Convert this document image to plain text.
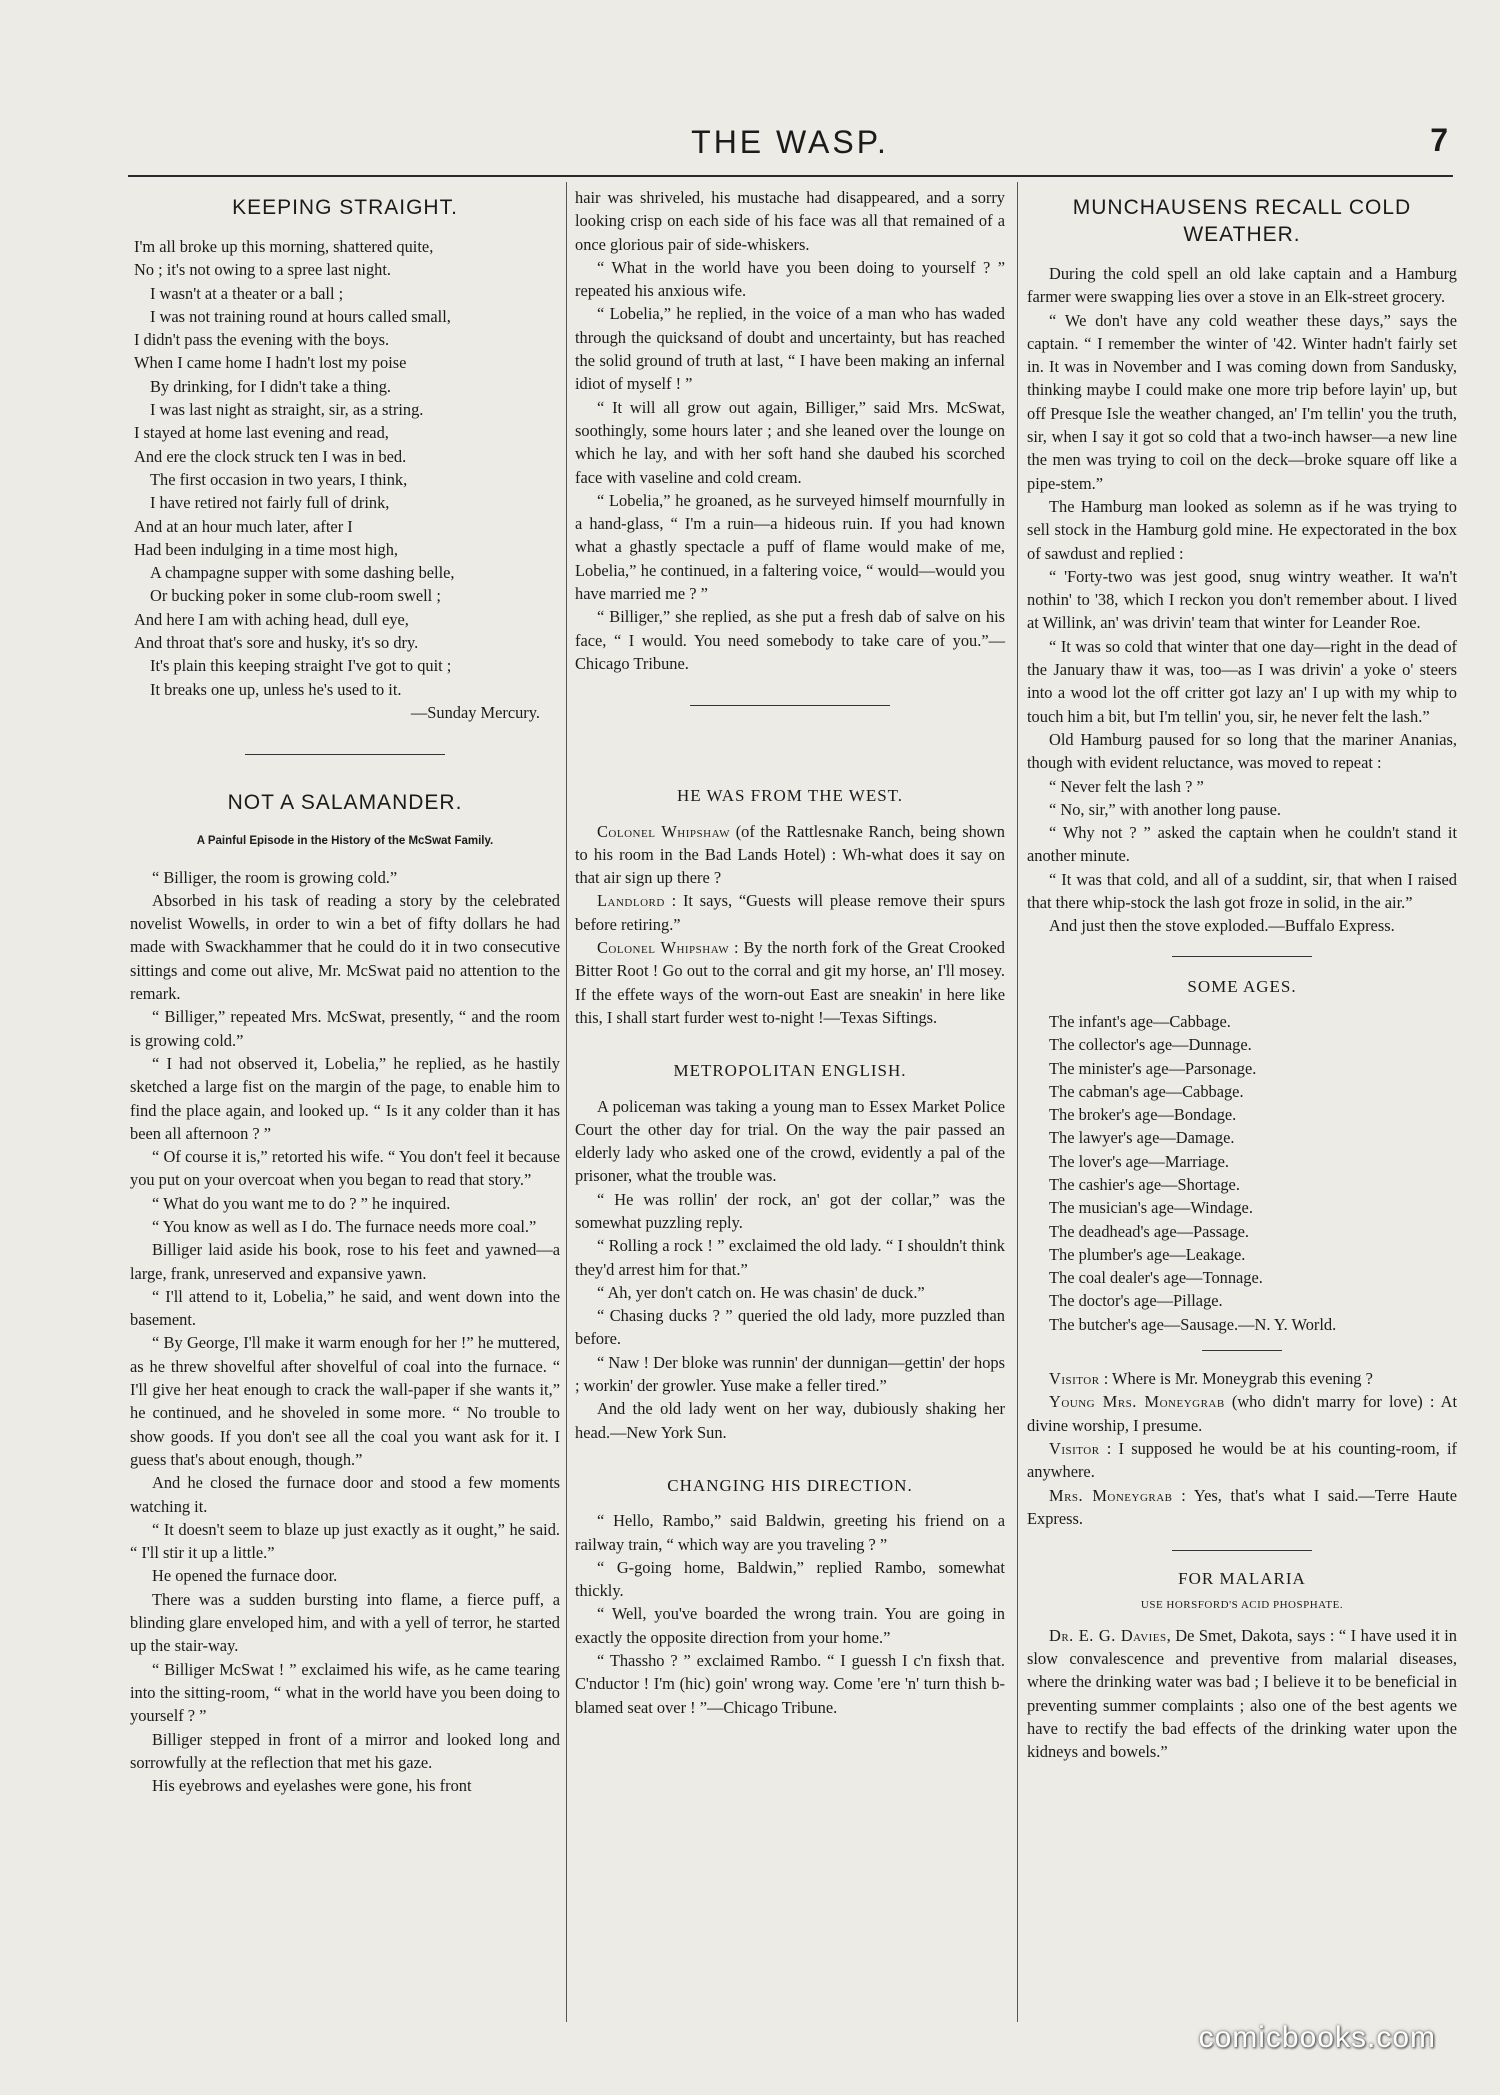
THE WASP.	7
KEEPING STRAIGHT.
I'm all broke up this morning, shattered quite,
No ; it's not owing to a spree last night.
I wasn't at a theater or a ball ;
I was not training round at hours called small,
I didn't pass the evening with the boys.
When I came home I hadn't lost my poise
By drinking, for I didn't take a thing.
I was last night as straight, sir, as a string.
I stayed at home last evening and read,
And ere the clock struck ten I was in bed.
The first occasion in two years, I think,
I have retired not fairly full of drink,
And at an hour much later, after I
Had been indulging in a time most high,
A champagne supper with some dashing belle,
Or bucking poker in some club-room swell ;
And here I am with aching head, dull eye,
And throat that's sore and husky, it's so dry.
It's plain this keeping straight I've got to quit ;
It breaks one up, unless he's used to it.
—Sunday Mercury.
NOT A SALAMANDER.
A Painful Episode in the History of the McSwat Family.

“ Billiger, the room is growing cold.”

Absorbed in his task of reading a story by the celebrated novelist Wowells, in order to win a bet of fifty dollars he had made with Swackhammer that he could do it in two consecutive sittings and come out alive, Mr. McSwat paid no attention to the remark.

“ Billiger,” repeated Mrs. McSwat, presently, “ and the room is growing cold.”

“ I had not observed it, Lobelia,” he replied, as he hastily sketched a large fist on the margin of the page, to enable him to find the place again, and looked up. “ Is it any colder than it has been all afternoon ? ”

“ Of course it is,” retorted his wife. “ You don't feel it because you put on your overcoat when you began to read that story.”

“ What do you want me to do ? ” he inquired.

“ You know as well as I do. The furnace needs more coal.”

Billiger laid aside his book, rose to his feet and yawned—a large, frank, unreserved and expansive yawn.

“ I'll attend to it, Lobelia,” he said, and went down into the basement.

“ By George, I'll make it warm enough for her !” he muttered, as he threw shovelful after shovelful of coal into the furnace. “ I'll give her heat enough to crack the wall-paper if she wants it,” he continued, and he shoveled in some more. “ No trouble to show goods. If you don't see all the coal you want ask for it. I guess that's about enough, though.”

And he closed the furnace door and stood a few moments watching it.

“ It doesn't seem to blaze up just exactly as it ought,” he said. “ I'll stir it up a little.”

He opened the furnace door.

There was a sudden bursting into flame, a fierce puff, a blinding glare enveloped him, and with a yell of terror, he started up the stair-way.

“ Billiger McSwat ! ” exclaimed his wife, as he came tearing into the sitting-room, “ what in the world have you been doing to yourself ? ”

Billiger stepped in front of a mirror and looked long and sorrowfully at the reflection that met his gaze.

His eyebrows and eyelashes were gone, his front

hair was shriveled, his mustache had disappeared, and a sorry looking crisp on each side of his face was all that remained of a once glorious pair of side-whiskers.

“ What in the world have you been doing to yourself ? ” repeated his anxious wife.

“ Lobelia,” he replied, in the voice of a man who has waded through the quicksand of doubt and uncertainty, but has reached the solid ground of truth at last, “ I have been making an infernal idiot of myself ! ”

“ It will all grow out again, Billiger,” said Mrs. McSwat, soothingly, some hours later ; and she leaned over the lounge on which he lay, and with her soft hand she daubed his scorched face with vaseline and cold cream.

“ Lobelia,” he groaned, as he surveyed himself mournfully in a hand-glass, “ I'm a ruin—a hideous ruin. If you had known what a ghastly spectacle a puff of flame would make of me, Lobelia,” he continued, in a faltering voice, “ would—would you have married me ? ”

“ Billiger,” she replied, as she put a fresh dab of salve on his face, “ I would. You need somebody to take care of you.”—Chicago Tribune.

HE WAS FROM THE WEST.

Colonel Whipshaw (of the Rattlesnake Ranch, being shown to his room in the Bad Lands Hotel) : Wh-what does it say on that air sign up there ?

Landlord : It says, “Guests will please remove their spurs before retiring.”

Colonel Whipshaw : By the north fork of the Great Crooked Bitter Root ! Go out to the corral and git my horse, an' I'll mosey. If the effete ways of the worn-out East are sneakin' in here like this, I shall start furder west to-night !—Texas Siftings.

METROPOLITAN ENGLISH.

A policeman was taking a young man to Essex Market Police Court the other day for trial. On the way the pair passed an elderly lady who asked one of the crowd, evidently a pal of the prisoner, what the trouble was.

“ He was rollin' der rock, an' got der collar,” was the somewhat puzzling reply.

“ Rolling a rock ! ” exclaimed the old lady. “ I shouldn't think they'd arrest him for that.”

“ Ah, yer don't catch on. He was chasin' de duck.”

“ Chasing ducks ? ” queried the old lady, more puzzled than before.

“ Naw ! Der bloke was runnin' der dunnigan—gettin' der hops ; workin' der growler. Yuse make a feller tired.”

And the old lady went on her way, dubiously shaking her head.—New York Sun.

CHANGING HIS DIRECTION.

“ Hello, Rambo,” said Baldwin, greeting his friend on a railway train, “ which way are you traveling ? ”

“ G-going home, Baldwin,” replied Rambo, somewhat thickly.

“ Well, you've boarded the wrong train. You are going in exactly the opposite direction from your home.”

“ Thassho ? ” exclaimed Rambo. “ I guessh I c'n fixsh that. C'nductor ! I'm (hic) goin' wrong way. Come 'ere 'n' turn thish b-blamed seat over ! ”—Chicago Tribune.

MUNCHAUSENS RECALL COLD WEATHER.

During the cold spell an old lake captain and a Hamburg farmer were swapping lies over a stove in an Elk-street grocery.

“ We don't have any cold weather these days,” says the captain. “ I remember the winter of '42. Winter hadn't fairly set in. It was in November and I was coming down from Sandusky, thinking maybe I could make one more trip before layin' up, but off Presque Isle the weather changed, an' I'm tellin' you the truth, sir, when I say it got so cold that a two-inch hawser—a new line the men was trying to coil on the deck—broke square off like a pipe-stem.”

The Hamburg man looked as solemn as if he was trying to sell stock in the Hamburg gold mine. He expectorated in the box of sawdust and replied :

“ 'Forty-two was jest good, snug wintry weather. It wa'n't nothin' to '38, which I reckon you don't remember about. I lived at Willink, an' was drivin' team that winter for Leander Roe.

“ It was so cold that winter that one day—right in the dead of the January thaw it was, too—as I was drivin' a yoke o' steers into a wood lot the off critter got lazy an' I up with my whip to touch him a bit, but I'm tellin' you, sir, he never felt the lash.”

Old Hamburg paused for so long that the mariner Ananias, though with evident reluctance, was moved to repeat :

“ Never felt the lash ? ”

“ No, sir,” with another long pause.

“ Why not ? ” asked the captain when he couldn't stand it another minute.

“ It was that cold, and all of a suddint, sir, that when I raised that there whip-stock the lash got froze in solid, in the air.”

And just then the stove exploded.—Buffalo Express.

SOME AGES.

The infant's age—Cabbage.

The collector's age—Dunnage.

The minister's age—Parsonage.

The cabman's age—Cabbage.

The broker's age—Bondage.

The lawyer's age—Damage.

The lover's age—Marriage.

The cashier's age—Shortage.

The musician's age—Windage.

The deadhead's age—Passage.

The plumber's age—Leakage.

The coal dealer's age—Tonnage.

The doctor's age—Pillage.

The butcher's age—Sausage.—N. Y. World.

Visitor : Where is Mr. Moneygrab this evening ?

Young Mrs. Moneygrab (who didn't marry for love) : At divine worship, I presume.

Visitor : I supposed he would be at his counting-room, if anywhere.

Mrs. Moneygrab : Yes, that's what I said.—Terre Haute Express.

FOR MALARIA
USE HORSFORD'S ACID PHOSPHATE.

Dr. E. G. Davies, De Smet, Dakota, says : “ I have used it in slow convalescence and preventive from malarial diseases, where the drinking water was bad ; I believe it to be beneficial in preventing summer complaints ; also one of the best agents we have to rectify the bad effects of the drinking water upon the kidneys and bowels.”

comicbooks.com
